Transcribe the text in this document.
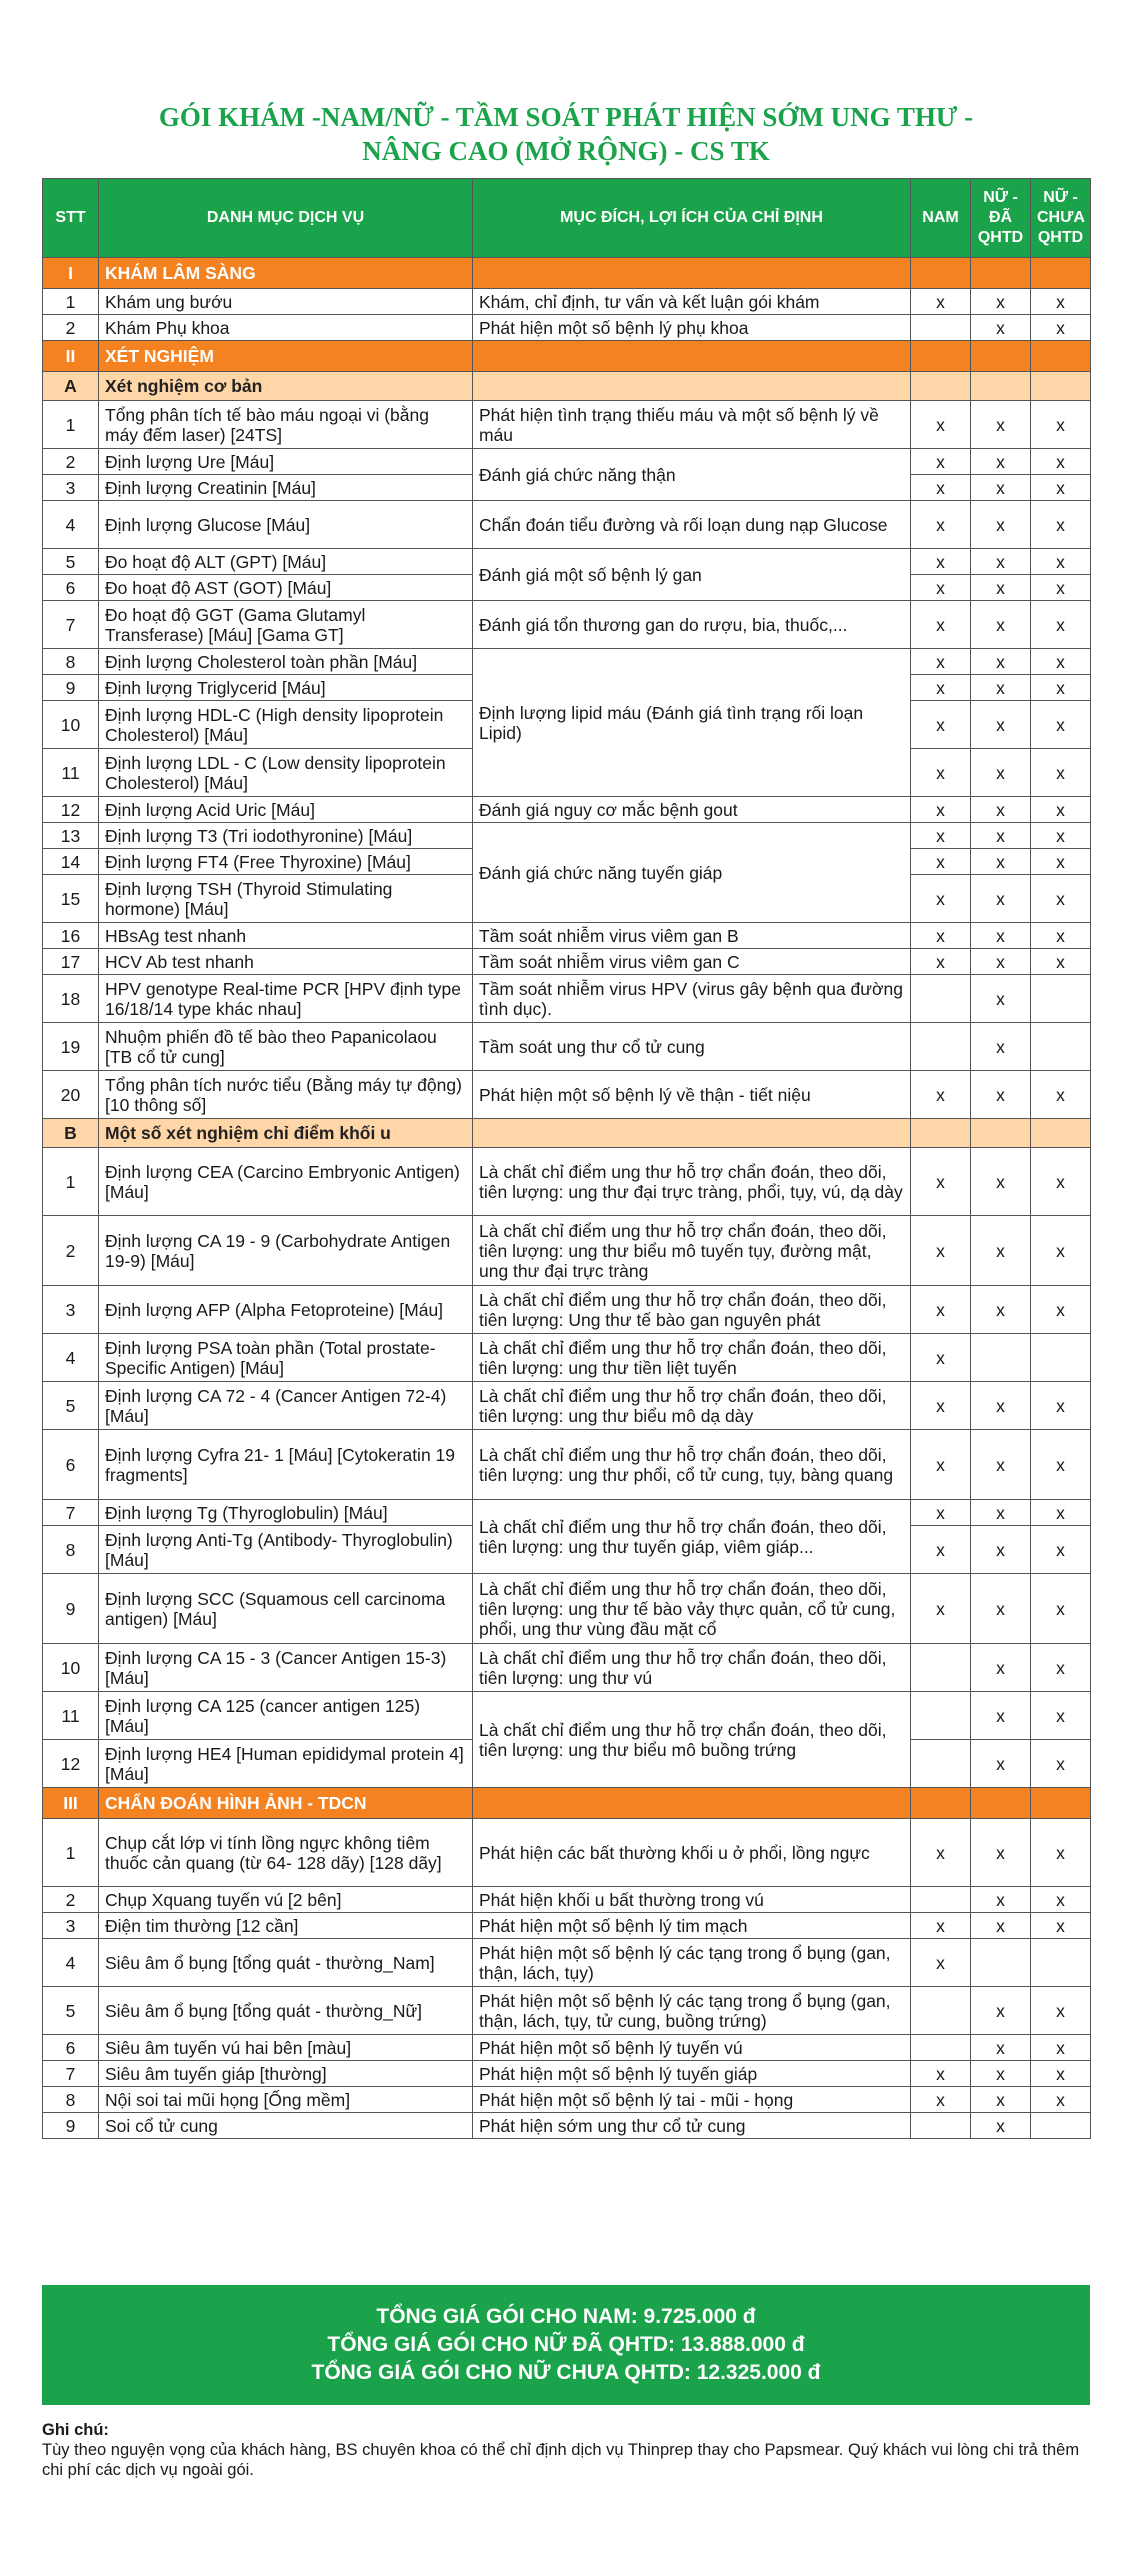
GÓI KHÁM -NAM/NỮ - TẦM SOÁT PHÁT HIỆN SỚM UNG THƯ -
NÂNG CAO (MỞ RỘNG) - CS TK
STT	DANH MỤC DỊCH VỤ	MỤC ĐÍCH, LỢI ÍCH CỦA CHỈ ĐỊNH	NAM	NỮ - ĐÃ QHTD	NỮ - CHƯA QHTD
I	KHÁM LÂM SÀNG				
1	Khám ung bướu	Khám, chỉ định, tư vấn và kết luận gói khám	x	x	x
2	Khám Phụ khoa	Phát hiện một số bệnh lý phụ khoa		x	x
II	XÉT NGHIỆM				
A	Xét nghiệm cơ bản				
1	Tổng phân tích tế bào máu ngoại vi (bằng máy đếm laser) [24TS]	Phát hiện tình trạng thiếu máu và một số bệnh lý về máu	x	x	x
2	Định lượng Ure [Máu]	Đánh giá chức năng thận	x	x	x
3	Định lượng Creatinin [Máu]		x	x	x
4	Định lượng Glucose [Máu]	Chẩn đoán tiểu đường và rối loạn dung nạp Glucose	x	x	x
5	Đo hoạt độ ALT (GPT) [Máu]	Đánh giá một số bệnh lý gan	x	x	x
6	Đo hoạt độ AST (GOT) [Máu]		x	x	x
7	Đo hoạt độ GGT (Gama Glutamyl Transferase) [Máu] [Gama GT]	Đánh giá tổn thương gan do rượu, bia, thuốc,...	x	x	x
8	Định lượng Cholesterol toàn phần [Máu]	Định lượng lipid máu (Đánh giá tình trạng rối loạn Lipid)	x	x	x
9	Định lượng Triglycerid [Máu]		x	x	x
10	Định lượng HDL-C (High density lipoprotein Cholesterol) [Máu]		x	x	x
11	Định lượng LDL - C (Low density lipoprotein Cholesterol) [Máu]		x	x	x
12	Định lượng Acid Uric [Máu]	Đánh giá nguy cơ mắc bệnh gout	x	x	x
13	Định lượng T3 (Tri iodothyronine) [Máu]	Đánh giá chức năng tuyến giáp	x	x	x
14	Định lượng FT4 (Free Thyroxine) [Máu]		x	x	x
15	Định lượng TSH (Thyroid Stimulating hormone) [Máu]		x	x	x
16	HBsAg test nhanh	Tầm soát nhiễm virus viêm gan B	x	x	x
17	HCV Ab test nhanh	Tầm soát nhiễm virus viêm gan C	x	x	x
18	HPV genotype Real-time PCR [HPV định type 16/18/14 type khác nhau]	Tầm soát nhiễm virus HPV (virus gây bệnh qua đường tình dục).		x	
19	Nhuộm phiến đồ tế bào theo Papanicolaou [TB cổ tử cung]	Tầm soát ung thư cổ tử cung		x	
20	Tổng phân tích nước tiểu (Bằng máy tự động) [10 thông số]	Phát hiện một số bệnh lý về thận - tiết niệu	x	x	x
B	Một số xét nghiệm chỉ điểm khối u				
1	Định lượng CEA (Carcino Embryonic Antigen) [Máu]	Là chất chỉ điểm ung thư hỗ trợ chẩn đoán, theo dõi, tiên lượng: ung thư đại trực tràng, phổi, tụy, vú, dạ dày	x	x	x
2	Định lượng CA 19 - 9 (Carbohydrate Antigen 19-9) [Máu]	Là chất chỉ điểm ung thư hỗ trợ chẩn đoán, theo dõi, tiên lượng: ung thư biểu mô tuyến tụy, đường mật, ung thư đại trực tràng	x	x	x
3	Định lượng AFP (Alpha Fetoproteine) [Máu]	Là chất chỉ điểm ung thư hỗ trợ chẩn đoán, theo dõi, tiên lượng: Ung thư tế bào gan nguyên phát	x	x	x
4	Định lượng PSA toàn phần (Total prostate-Specific Antigen) [Máu]	Là chất chỉ điểm ung thư hỗ trợ chẩn đoán, theo dõi, tiên lượng: ung thư tiền liệt tuyến	x		
5	Định lượng CA 72 - 4 (Cancer Antigen 72-4) [Máu]	Là chất chỉ điểm ung thư hỗ trợ chẩn đoán, theo dõi, tiên lượng: ung thư biểu mô dạ dày	x	x	x
6	Định lượng Cyfra 21- 1 [Máu] [Cytokeratin 19 fragments]	Là chất chỉ điểm ung thư hỗ trợ chẩn đoán, theo dõi, tiên lượng: ung thư phổi, cổ tử cung, tụy, bàng quang	x	x	x
7	Định lượng Tg (Thyroglobulin) [Máu]	Là chất chỉ điểm ung thư hỗ trợ chẩn đoán, theo dõi, tiên lượng: ung thư tuyến giáp, viêm giáp...	x	x	x
8	Định lượng Anti-Tg (Antibody- Thyroglobulin) [Máu]		x	x	x
9	Định lượng SCC (Squamous cell carcinoma antigen) [Máu]	Là chất chỉ điểm ung thư hỗ trợ chẩn đoán, theo dõi, tiên lượng: ung thư tế bào vảy thực quản, cổ tử cung, phổi, ung thư vùng đầu mặt cổ	x	x	x
10	Định lượng CA 15 - 3 (Cancer Antigen 15-3) [Máu]	Là chất chỉ điểm ung thư hỗ trợ chẩn đoán, theo dõi, tiên lượng: ung thư vú		x	x
11	Định lượng CA 125 (cancer antigen 125) [Máu]	Là chất chỉ điểm ung thư hỗ trợ chẩn đoán, theo dõi, tiên lượng: ung thư biểu mô buồng trứng		x	x
12	Định lượng HE4 [Human epididymal protein 4] [Máu]			x	x
III	CHẨN ĐOÁN HÌNH ẢNH - TDCN				
1	Chụp cắt lớp vi tính lồng ngực không tiêm thuốc cản quang (từ 64- 128 dãy) [128 dãy]	Phát hiện các bất thường khối u ở phổi, lồng ngực	x	x	x
2	Chụp Xquang tuyến vú [2 bên]	Phát hiện khối u bất thường trong vú		x	x
3	Điện tim thường [12 cần]	Phát hiện một số bệnh lý tim mạch	x	x	x
4	Siêu âm ổ bụng [tổng quát - thường_Nam]	Phát hiện một số bệnh lý các tạng trong ổ bụng (gan, thận, lách, tụy)	x		
5	Siêu âm ổ bụng [tổng quát - thường_Nữ]	Phát hiện một số bệnh lý các tạng trong ổ bụng (gan, thận, lách, tụy, tử cung, buồng trứng)		x	x
6	Siêu âm tuyến vú hai bên [màu]	Phát hiện một số bệnh lý tuyến vú		x	x
7	Siêu âm tuyến giáp [thường]	Phát hiện một số bệnh lý tuyến giáp	x	x	x
8	Nội soi tai mũi họng [Ống mềm]	Phát hiện một số bệnh lý tai - mũi - họng	x	x	x
9	Soi cổ tử cung	Phát hiện sớm ung thư cổ tử cung		x	
TỔNG GIÁ GÓI CHO NAM: 9.725.000 đ
TỔNG GIÁ GÓI CHO NỮ ĐÃ QHTD: 13.888.000 đ
TỔNG GIÁ GÓI CHO NỮ CHƯA QHTD: 12.325.000 đ
Ghi chú:
Tùy theo nguyện vọng của khách hàng, BS chuyên khoa có thể chỉ định dịch vụ Thinprep thay cho Papsmear. Quý khách vui lòng chi trả thêm chi phí các dịch vụ ngoài gói.
